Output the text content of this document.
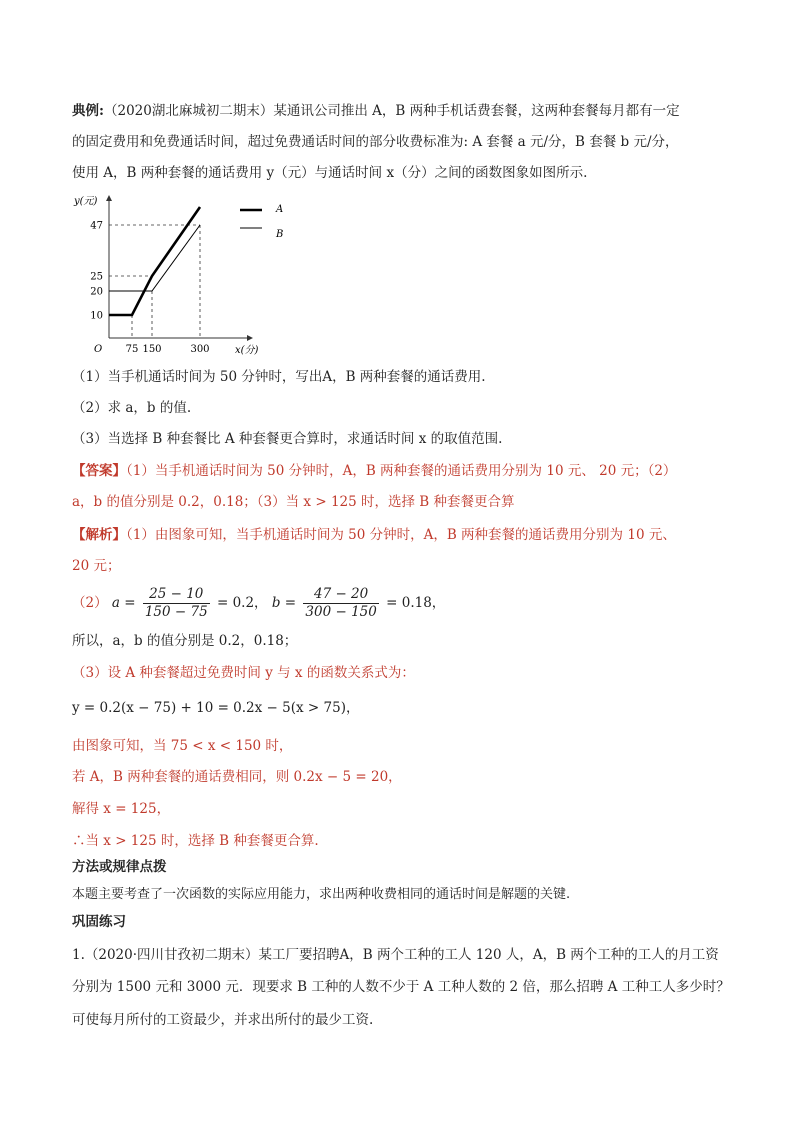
典例:（2020湖北麻城初二期末）某通讯公司推出 A，B 两种手机话费套餐，这两种套餐每月都有一定
的固定费用和免费通话时间，超过免费通话时间的部分收费标准为: A 套餐 a 元/分，B 套餐 b 元/分，
使用 A，B 两种套餐的通话费用 y（元）与通话时间 x（分）之间的函数图象如图所示.
y(元)
x(分)
O
10
20
25
47
75 150	300
A
B
（1）当手机通话时间为 50 分钟时，写出A，B 两种套餐的通话费用.
（2）求 a，b 的值.
（3）当选择 B 种套餐比 A 种套餐更合算时，求通话时间 x 的取值范围.
【答案】（1）当手机通话时间为 50 分钟时，A，B 两种套餐的通话费用分别为 10 元、 20 元；（2）
a，b 的值分别是 0.2，0.18；（3）当 x > 125 时，选择 B 种套餐更合算
【解析】（1）由图象可知，当手机通话时间为 50 分钟时，A，B 两种套餐的通话费用分别为 10 元、
20 元；
（2） $a = \frac{25 - 10}{150 - 75} = 0.2$， $b = \frac{47 - 20}{300 - 150} = 0.18$，
所以，a，b 的值分别是 0.2，0.18；
（3）设 A 种套餐超过免费时间 y 与 x 的函数关系式为：
y = 0.2(x − 75) + 10 = 0.2x − 5(x > 75)，
由图象可知，当 75 < x < 150 时，
若 A，B 两种套餐的通话费相同，则 0.2x − 5 = 20，
解得 x = 125，
∴当 x > 125 时，选择 B 种套餐更合算.
方法或规律点拨
本题主要考查了一次函数的实际应用能力，求出两种收费相同的通话时间是解题的关键.
巩固练习
1.（2020·四川甘孜初二期末）某工厂要招聘A，B 两个工种的工人 120 人，A，B 两个工种的工人的月工资
分别为 1500 元和 3000 元．现要求 B 工种的人数不少于 A 工种人数的 2 倍，那么招聘 A 工种工人多少时？
可使每月所付的工资最少，并求出所付的最少工资.
